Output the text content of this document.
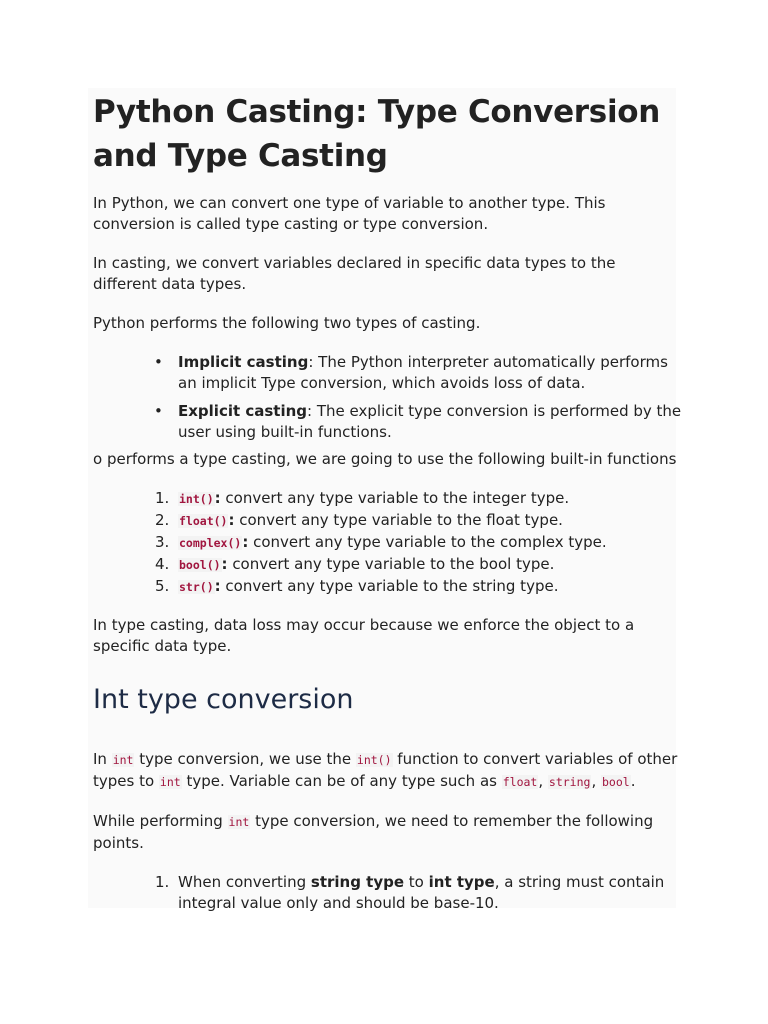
Python Casting: Type Conversion and Type Casting

In Python, we can convert one type of variable to another type. This conversion is called type casting or type conversion.

In casting, we convert variables declared in specific data types to the different data types.

Python performs the following two types of casting.

• Implicit casting: The Python interpreter automatically performs an implicit Type conversion, which avoids loss of data.
• Explicit casting: The explicit type conversion is performed by the user using built-in functions.

o performs a type casting, we are going to use the following built-in functions

1. int(): convert any type variable to the integer type.
2. float(): convert any type variable to the float type.
3. complex(): convert any type variable to the complex type.
4. bool(): convert any type variable to the bool type.
5. str(): convert any type variable to the string type.

In type casting, data loss may occur because we enforce the object to a specific data type.

Int type conversion

In int type conversion, we use the int() function to convert variables of other types to int type. Variable can be of any type such as float, string, bool.

While performing int type conversion, we need to remember the following points.

1. When converting string type to int type, a string must contain integral value only and should be base-10.
